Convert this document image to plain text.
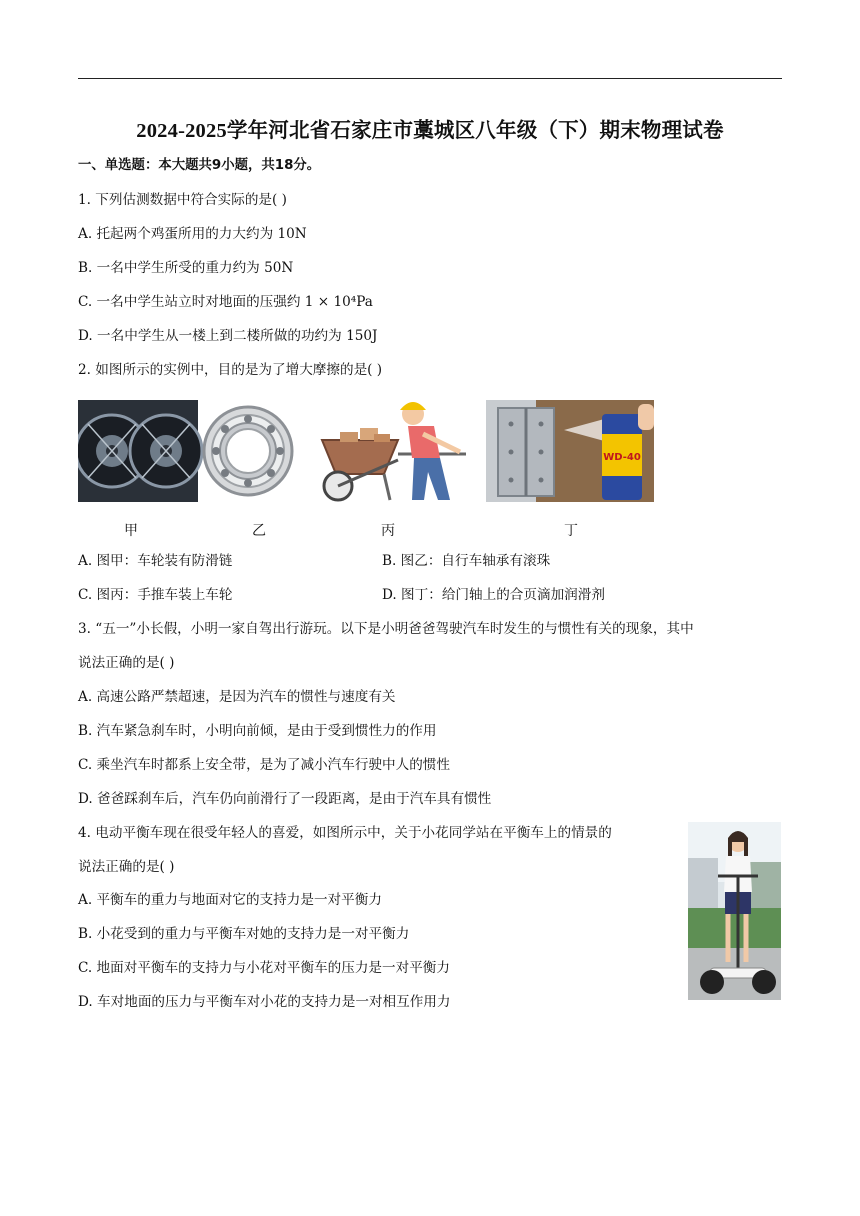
2024-2025学年河北省石家庄市藁城区八年级（下）期末物理试卷
一、单选题：本大题共9小题，共18分。
1. 下列估测数据中符合实际的是( )
A. 托起两个鸡蛋所用的力大约为 10N
B. 一名中学生所受的重力约为 50N
C. 一名中学生站立时对地面的压强约 1 × 10⁴Pa
D. 一名中学生从一楼上到二楼所做的功约为 150J
2. 如图所示的实例中，目的是为了增大摩擦的是( )
WD-40
甲	乙	丙	丁
A. 图甲：车轮装有防滑链	B. 图乙：自行车轴承有滚珠
C. 图丙：手推车装上车轮	D. 图丁：给门轴上的合页滴加润滑剂
3. “五一”小长假，小明一家自驾出行游玩。以下是小明爸爸驾驶汽车时发生的与惯性有关的现象，其中
说法正确的是( )
A. 高速公路严禁超速，是因为汽车的惯性与速度有关
B. 汽车紧急刹车时，小明向前倾，是由于受到惯性力的作用
C. 乘坐汽车时都系上安全带，是为了减小汽车行驶中人的惯性
D. 爸爸踩刹车后，汽车仍向前滑行了一段距离，是由于汽车具有惯性
4. 电动平衡车现在很受年轻人的喜爱，如图所示中，关于小花同学站在平衡车上的情景的
说法正确的是( )
A. 平衡车的重力与地面对它的支持力是一对平衡力
B. 小花受到的重力与平衡车对她的支持力是一对平衡力
C. 地面对平衡车的支持力与小花对平衡车的压力是一对平衡力
D. 车对地面的压力与平衡车对小花的支持力是一对相互作用力
